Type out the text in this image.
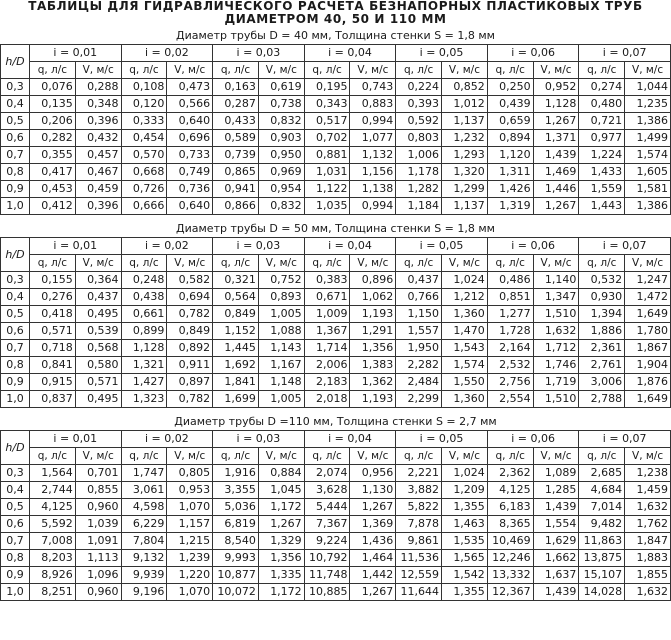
ТАБЛИЦЫ ДЛЯ ГИДРАВЛИЧЕСКОГО РАСЧЕТА БЕЗНАПОРНЫХ ПЛАСТИКОВЫХ ТРУБ
ДИАМЕТРОМ 40, 50 И 110 ММ
Диаметр трубы D = 40 мм, Толщина стенки S = 1,8 мм
h/D	i = 0,01		i = 0,02		i = 0,03		i = 0,04		i = 0,05		i = 0,06		i = 0,07	
	q, л/с	V, м/с	q, л/с	V, м/с	q, л/с	V, м/с	q, л/с	V, м/с	q, л/с	V, м/с	q, л/с	V, м/с	q, л/с	V, м/с
0,3	0,076	0,288	0,108	0,473	0,163	0,619	0,195	0,743	0,224	0,852	0,250	0,952	0,274	1,044
0,4	0,135	0,348	0,120	0,566	0,287	0,738	0,343	0,883	0,393	1,012	0,439	1,128	0,480	1,235
0,5	0,206	0,396	0,333	0,640	0,433	0,832	0,517	0,994	0,592	1,137	0,659	1,267	0,721	1,386
0,6	0,282	0,432	0,454	0,696	0,589	0,903	0,702	1,077	0,803	1,232	0,894	1,371	0,977	1,499
0,7	0,355	0,457	0,570	0,733	0,739	0,950	0,881	1,132	1,006	1,293	1,120	1,439	1,224	1,574
0,8	0,417	0,467	0,668	0,749	0,865	0,969	1,031	1,156	1,178	1,320	1,311	1,469	1,433	1,605
0,9	0,453	0,459	0,726	0,736	0,941	0,954	1,122	1,138	1,282	1,299	1,426	1,446	1,559	1,581
1,0	0,412	0,396	0,666	0,640	0,866	0,832	1,035	0,994	1,184	1,137	1,319	1,267	1,443	1,386
Диаметр трубы D = 50 мм, Толщина стенки S = 1,8 мм
h/D	i = 0,01		i = 0,02		i = 0,03		i = 0,04		i = 0,05		i = 0,06		i = 0,07	
	q, л/с	V, м/с	q, л/с	V, м/с	q, л/с	V, м/с	q, л/с	V, м/с	q, л/с	V, м/с	q, л/с	V, м/с	q, л/с	V, м/с
0,3	0,155	0,364	0,248	0,582	0,321	0,752	0,383	0,896	0,437	1,024	0,486	1,140	0,532	1,247
0,4	0,276	0,437	0,438	0,694	0,564	0,893	0,671	1,062	0,766	1,212	0,851	1,347	0,930	1,472
0,5	0,418	0,495	0,661	0,782	0,849	1,005	1,009	1,193	1,150	1,360	1,277	1,510	1,394	1,649
0,6	0,571	0,539	0,899	0,849	1,152	1,088	1,367	1,291	1,557	1,470	1,728	1,632	1,886	1,780
0,7	0,718	0,568	1,128	0,892	1,445	1,143	1,714	1,356	1,950	1,543	2,164	1,712	2,361	1,867
0,8	0,841	0,580	1,321	0,911	1,692	1,167	2,006	1,383	2,282	1,574	2,532	1,746	2,761	1,904
0,9	0,915	0,571	1,427	0,897	1,841	1,148	2,183	1,362	2,484	1,550	2,756	1,719	3,006	1,876
1,0	0,837	0,495	1,323	0,782	1,699	1,005	2,018	1,193	2,299	1,360	2,554	1,510	2,788	1,649
Диаметр трубы D =110 мм, Толщина стенки S = 2,7 мм
h/D	i = 0,01		i = 0,02		i = 0,03		i = 0,04		i = 0,05		i = 0,06		i = 0,07	
	q, л/с	V, м/с	q, л/с	V, м/с	q, л/с	V, м/с	q, л/с	V, м/с	q, л/с	V, м/с	q, л/с	V, м/с	q, л/с	V, м/с
0,3	1,564	0,701	1,747	0,805	1,916	0,884	2,074	0,956	2,221	1,024	2,362	1,089	2,685	1,238
0,4	2,744	0,855	3,061	0,953	3,355	1,045	3,628	1,130	3,882	1,209	4,125	1,285	4,684	1,459
0,5	4,125	0,960	4,598	1,070	5,036	1,172	5,444	1,267	5,822	1,355	6,183	1,439	7,014	1,632
0,6	5,592	1,039	6,229	1,157	6,819	1,267	7,367	1,369	7,878	1,463	8,365	1,554	9,482	1,762
0,7	7,008	1,091	7,804	1,215	8,540	1,329	9,224	1,436	9,861	1,535	10,469	1,629	11,863	1,847
0,8	8,203	1,113	9,132	1,239	9,993	1,356	10,792	1,464	11,536	1,565	12,246	1,662	13,875	1,883
0,9	8,926	1,096	9,939	1,220	10,877	1,335	11,748	1,442	12,559	1,542	13,332	1,637	15,107	1,855
1,0	8,251	0,960	9,196	1,070	10,072	1,172	10,885	1,267	11,644	1,355	12,367	1,439	14,028	1,632
